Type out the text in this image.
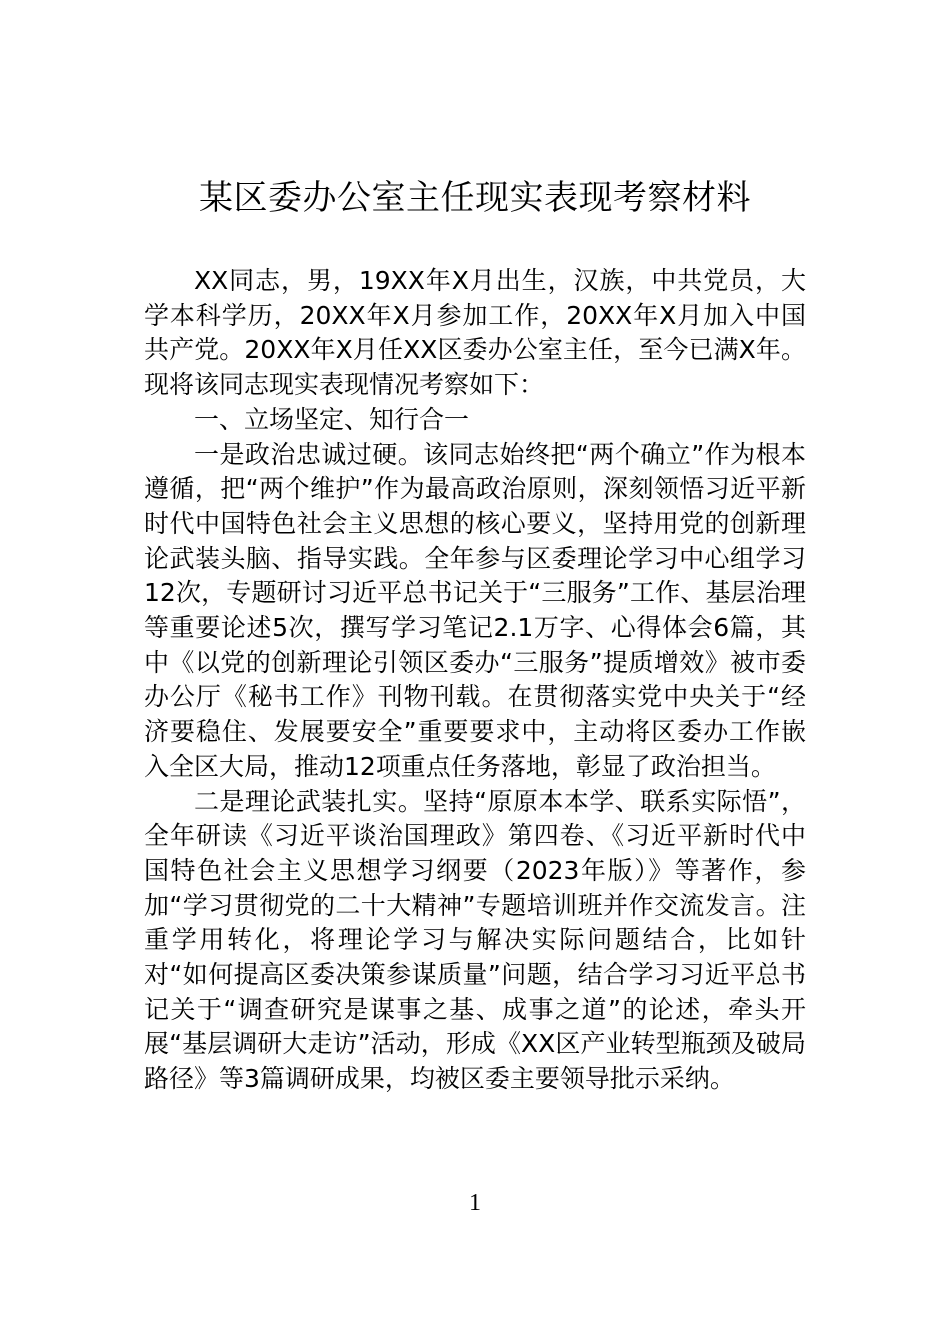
某区委办公室主任现实表现考察材料

XX同志，男，19XX年X月出生，汉族，中共党员，大学本科学历，20XX年X月参加工作，20XX年X月加入中国共产党。20XX年X月任XX区委办公室主任，至今已满X年。现将该同志现实表现情况考察如下：

一、立场坚定、知行合一

一是政治忠诚过硬。该同志始终把“两个确立”作为根本遵循，把“两个维护”作为最高政治原则，深刻领悟习近平新时代中国特色社会主义思想的核心要义，坚持用党的创新理论武装头脑、指导实践。全年参与区委理论学习中心组学习12次，专题研讨习近平总书记关于“三服务”工作、基层治理等重要论述5次，撰写学习笔记2.1万字、心得体会6篇，其中《以党的创新理论引领区委办“三服务”提质增效》被市委办公厅《秘书工作》刊物刊载。在贯彻落实党中央关于“经济要稳住、发展要安全”重要要求中，主动将区委办工作嵌入全区大局，推动12项重点任务落地，彰显了政治担当。

二是理论武装扎实。坚持“原原本本学、联系实际悟”，全年研读《习近平谈治国理政》第四卷、《习近平新时代中国特色社会主义思想学习纲要（2023年版）》等著作，参加“学习贯彻党的二十大精神”专题培训班并作交流发言。注重学用转化，将理论学习与解决实际问题结合，比如针对“如何提高区委决策参谋质量”问题，结合学习习近平总书记关于“调查研究是谋事之基、成事之道”的论述，牵头开展“基层调研大走访”活动，形成《XX区产业转型瓶颈及破局路径》等3篇调研成果，均被区委主要领导批示采纳。

1
